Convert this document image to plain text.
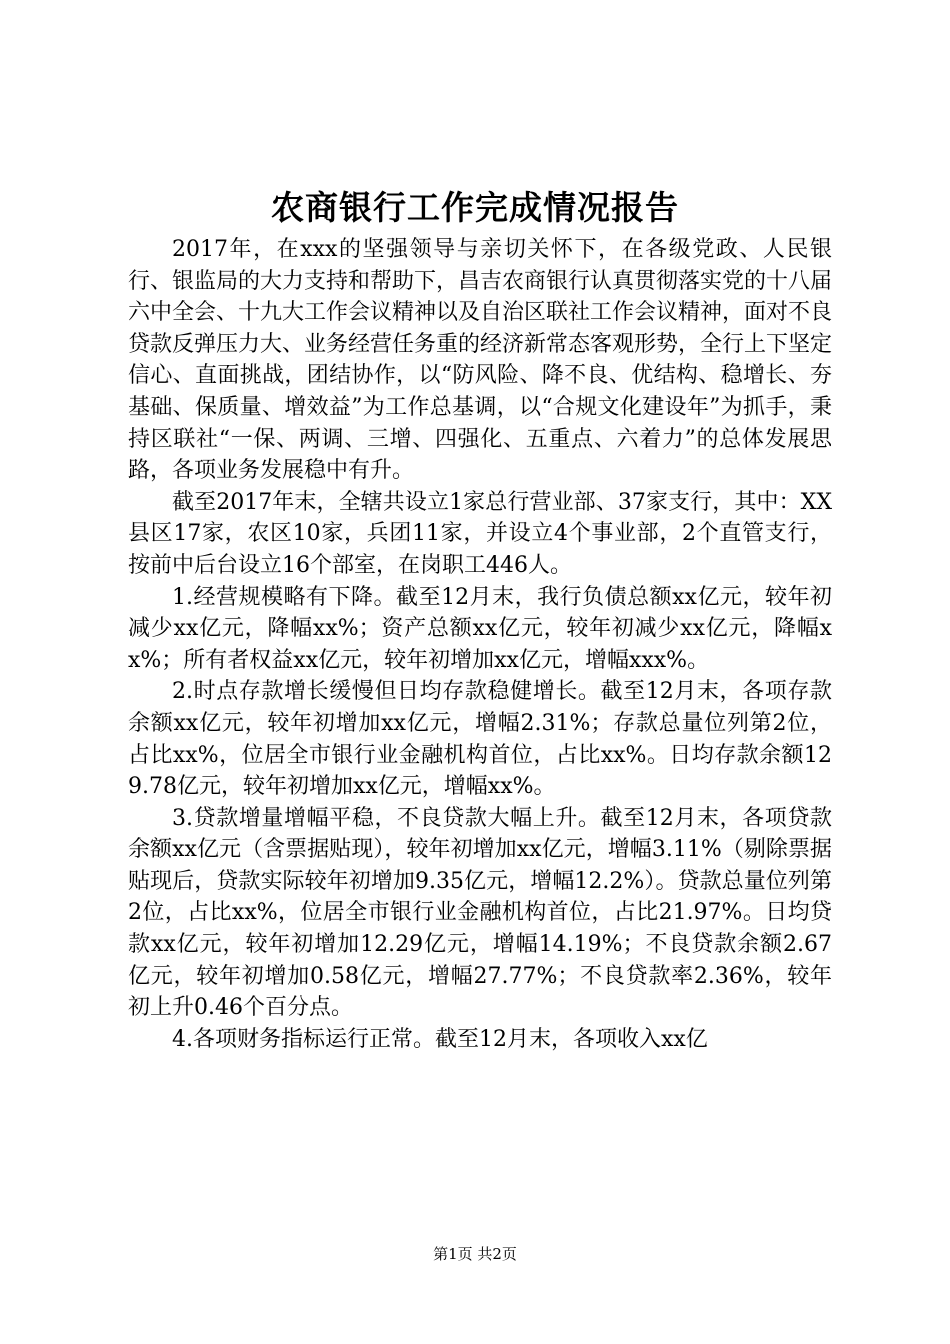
农商银行工作完成情况报告

2017年，在xxx的坚强领导与亲切关怀下，在各级党政、人民银行、银监局的大力支持和帮助下，昌吉农商银行认真贯彻落实党的十八届六中全会、十九大工作会议精神以及自治区联社工作会议精神，面对不良贷款反弹压力大、业务经营任务重的经济新常态客观形势，全行上下坚定信心、直面挑战，团结协作，以“防风险、降不良、优结构、稳增长、夯基础、保质量、增效益”为工作总基调，以“合规文化建设年”为抓手，秉持区联社“一保、两调、三增、四强化、五重点、六着力”的总体发展思路，各项业务发展稳中有升。

截至2017年末，全辖共设立1家总行营业部、37家支行，其中：XX县区17家，农区10家，兵团11家，并设立4个事业部，2个直管支行，按前中后台设立16个部室，在岗职工446人。

1.经营规模略有下降。截至12月末，我行负债总额xx亿元，较年初减少xx亿元，降幅xx%；资产总额xx亿元，较年初减少xx亿元，降幅xx%；所有者权益xx亿元，较年初增加xx亿元，增幅xxx%。

2.时点存款增长缓慢但日均存款稳健增长。截至12月末，各项存款余额xx亿元，较年初增加xx亿元，增幅2.31%；存款总量位列第2位，占比xx%，位居全市银行业金融机构首位，占比xx%。日均存款余额129.78亿元，较年初增加xx亿元，增幅xx%。

3.贷款增量增幅平稳，不良贷款大幅上升。截至12月末，各项贷款余额xx亿元（含票据贴现），较年初增加xx亿元，增幅3.11%（剔除票据贴现后，贷款实际较年初增加9.35亿元，增幅12.2%）。贷款总量位列第2位，占比xx%，位居全市银行业金融机构首位，占比21.97%。日均贷款xx亿元，较年初增加12.29亿元，增幅14.19%；不良贷款余额2.67亿元，较年初增加0.58亿元，增幅27.77%；不良贷款率2.36%，较年初上升0.46个百分点。

4.各项财务指标运行正常。截至12月末，各项收入xx亿

第1页 共2页
